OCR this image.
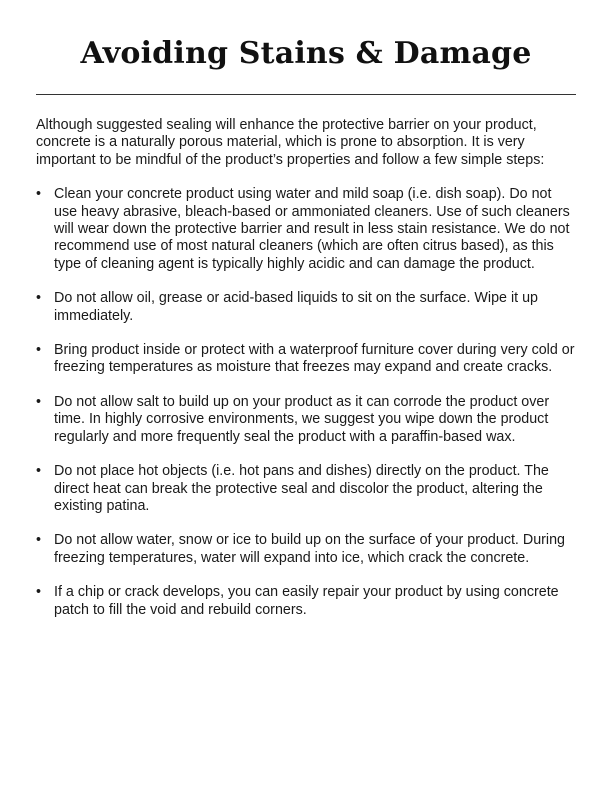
Avoiding Stains & Damage

Although suggested sealing will enhance the protective barrier on your product, concrete is a naturally porous material, which is prone to absorption. It is very important to be mindful of the product’s properties and follow a few simple steps:

• Clean your concrete product using water and mild soap (i.e. dish soap). Do not use heavy abrasive, bleach-based or ammoniated cleaners. Use of such cleaners will wear down the protective barrier and result in less stain resistance. We do not recommend use of most natural cleaners (which are often citrus based), as this type of cleaning agent is typically highly acidic and can damage the product.
• Do not allow oil, grease or acid-based liquids to sit on the surface. Wipe it up immediately.
• Bring product inside or protect with a waterproof furniture cover during very cold or freezing temperatures as moisture that freezes may expand and create cracks.
• Do not allow salt to build up on your product as it can corrode the product over time. In highly corrosive environments, we suggest you wipe down the product regularly and more frequently seal the product with a paraffin-based wax.
• Do not place hot objects (i.e. hot pans and dishes) directly on the product. The direct heat can break the protective seal and discolor the product, altering the existing patina.
• Do not allow water, snow or ice to build up on the surface of your product. During freezing temperatures, water will expand into ice, which crack the concrete.
• If a chip or crack develops, you can easily repair your product by using concrete patch to fill the void and rebuild corners.
